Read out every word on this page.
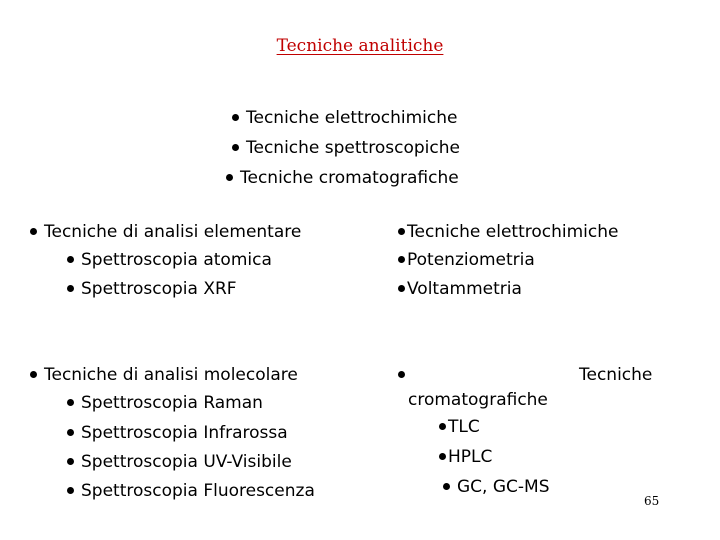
Tecniche analitiche
Tecniche elettrochimiche
Tecniche spettroscopiche
Tecniche cromatografiche
Tecniche di analisi elementare
Spettroscopia atomica
Spettroscopia XRF
Tecniche di analisi molecolare
Spettroscopia Raman
Spettroscopia Infrarossa
Spettroscopia UV-Visibile
Spettroscopia Fluorescenza
Tecniche elettrochimiche
Potenziometria
Voltammetria
Tecniche
cromatografiche
TLC
HPLC
GC, GC-MS
65
